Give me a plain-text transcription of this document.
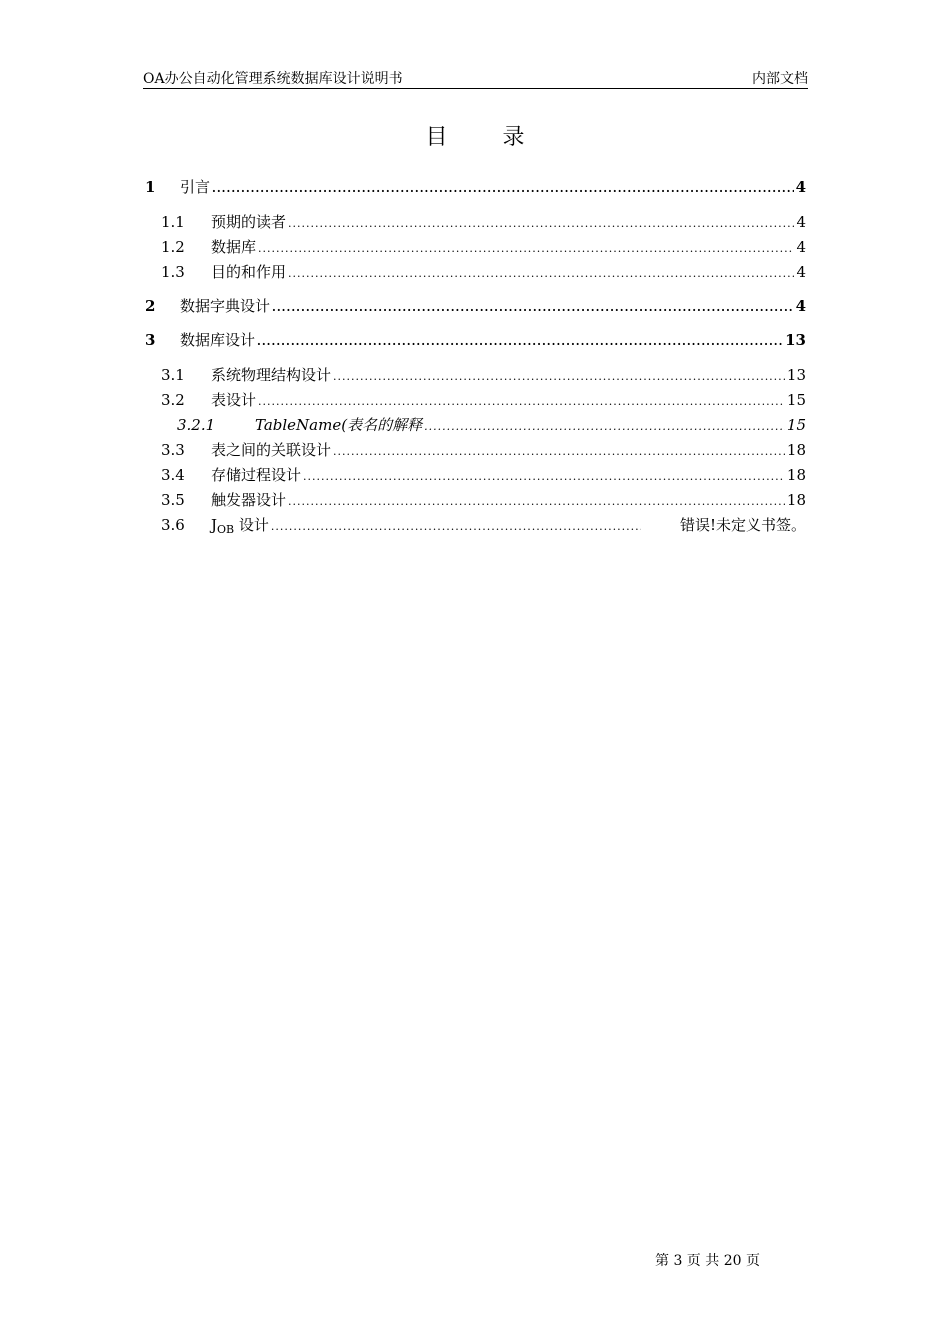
OA办公自动化管理系统数据库设计说明书	内部文档
目 录
1	引言 .....	4
1.1	预期的读者 .....	4
1.2	数据库 .....	4
1.3	目的和作用 .....	4
2	数据字典设计 .....	4
3	数据库设计 .....	13
3.1	系统物理结构设计 .....	13
3.2	表设计 .....	15
3.2.1	TableName(表名的解释 .....	15
3.3	表之间的关联设计 .....	18
3.4	存储过程设计 .....	18
3.5	触发器设计 .....	18
3.6	$J_{OB}$ 设计 .....	错误!未定义书签。
第 3 页 共 20 页
